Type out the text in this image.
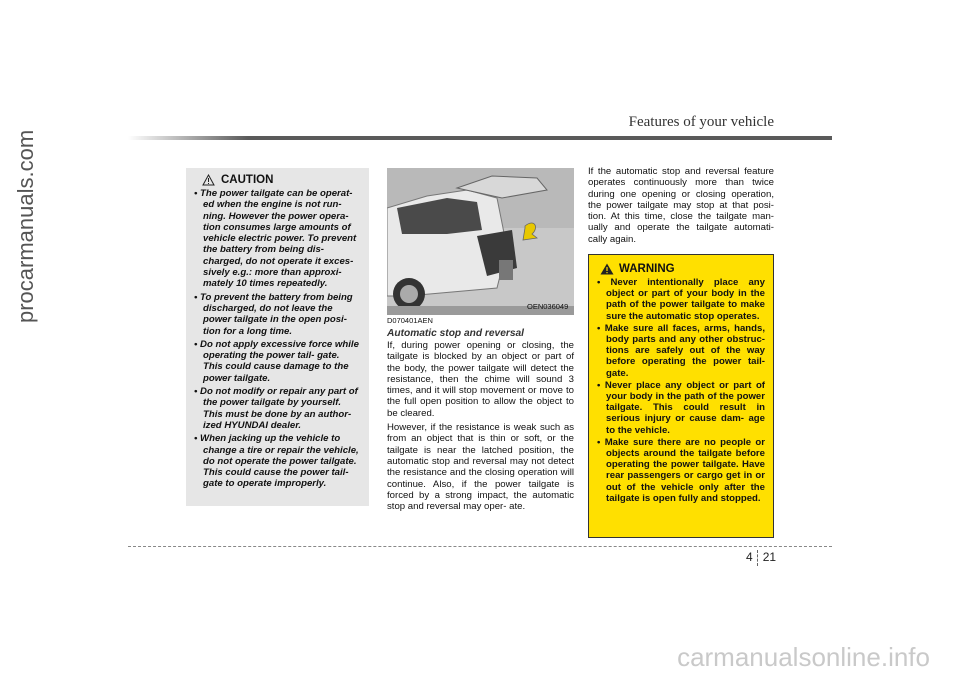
procarmanuals.com
carmanualsonline.info
Features of your vehicle
CAUTION
• The power tailgate can be operat- ed when the engine is not run- ning. However the power opera- tion consumes large amounts of vehicle electric power. To prevent the battery from being dis- charged, do not operate it exces- sively e.g.: more than approxi- mately 10 times repeatedly.
• To prevent the battery from being discharged, do not leave the power tailgate in the open posi- tion for a long time.
• Do not apply excessive force while operating the power tail- gate. This could cause damage to the power tailgate.
• Do not modify or repair any part of the power tailgate by yourself. This must be done by an author- ized HYUNDAI dealer.
• When jacking up the vehicle to change a tire or repair the vehicle, do not operate the power tailgate. This could cause the power tail- gate to operate improperly.
OEN036049
D070401AEN
Automatic stop and reversal

If, during power opening or closing, the tailgate is blocked by an object or part of the body, the power tailgate will detect the resistance, then the chime will sound 3 times, and it will stop movement or move to the full open position to allow the object to be cleared.

However, if the resistance is weak such as from an object that is thin or soft, or the tailgate is near the latched position, the automatic stop and reversal may not detect the resistance and the closing operation will continue. Also, if the power tailgate is forced by a strong impact, the automatic stop and reversal may oper- ate.

If the automatic stop and reversal feature operates continuously more than twice during one opening or closing operation, the power tailgate may stop at that posi- tion. At this time, close the tailgate man- ually and operate the tailgate automati- cally again.

WARNING
• Never intentionally place any object or part of your body in the path of the power tailgate to make sure the automatic stop operates.
• Make sure all faces, arms, hands, body parts and any other obstruc- tions are safely out of the way before operating the power tail- gate.
• Never place any object or part of your body in the path of the power tailgate. This could result in serious injury or cause dam- age to the vehicle.
• Make sure there are no people or objects around the tailgate before operating the power tailgate. Have rear passengers or cargo get in or out of the vehicle only after the tailgate is open fully and stopped.
4 21
